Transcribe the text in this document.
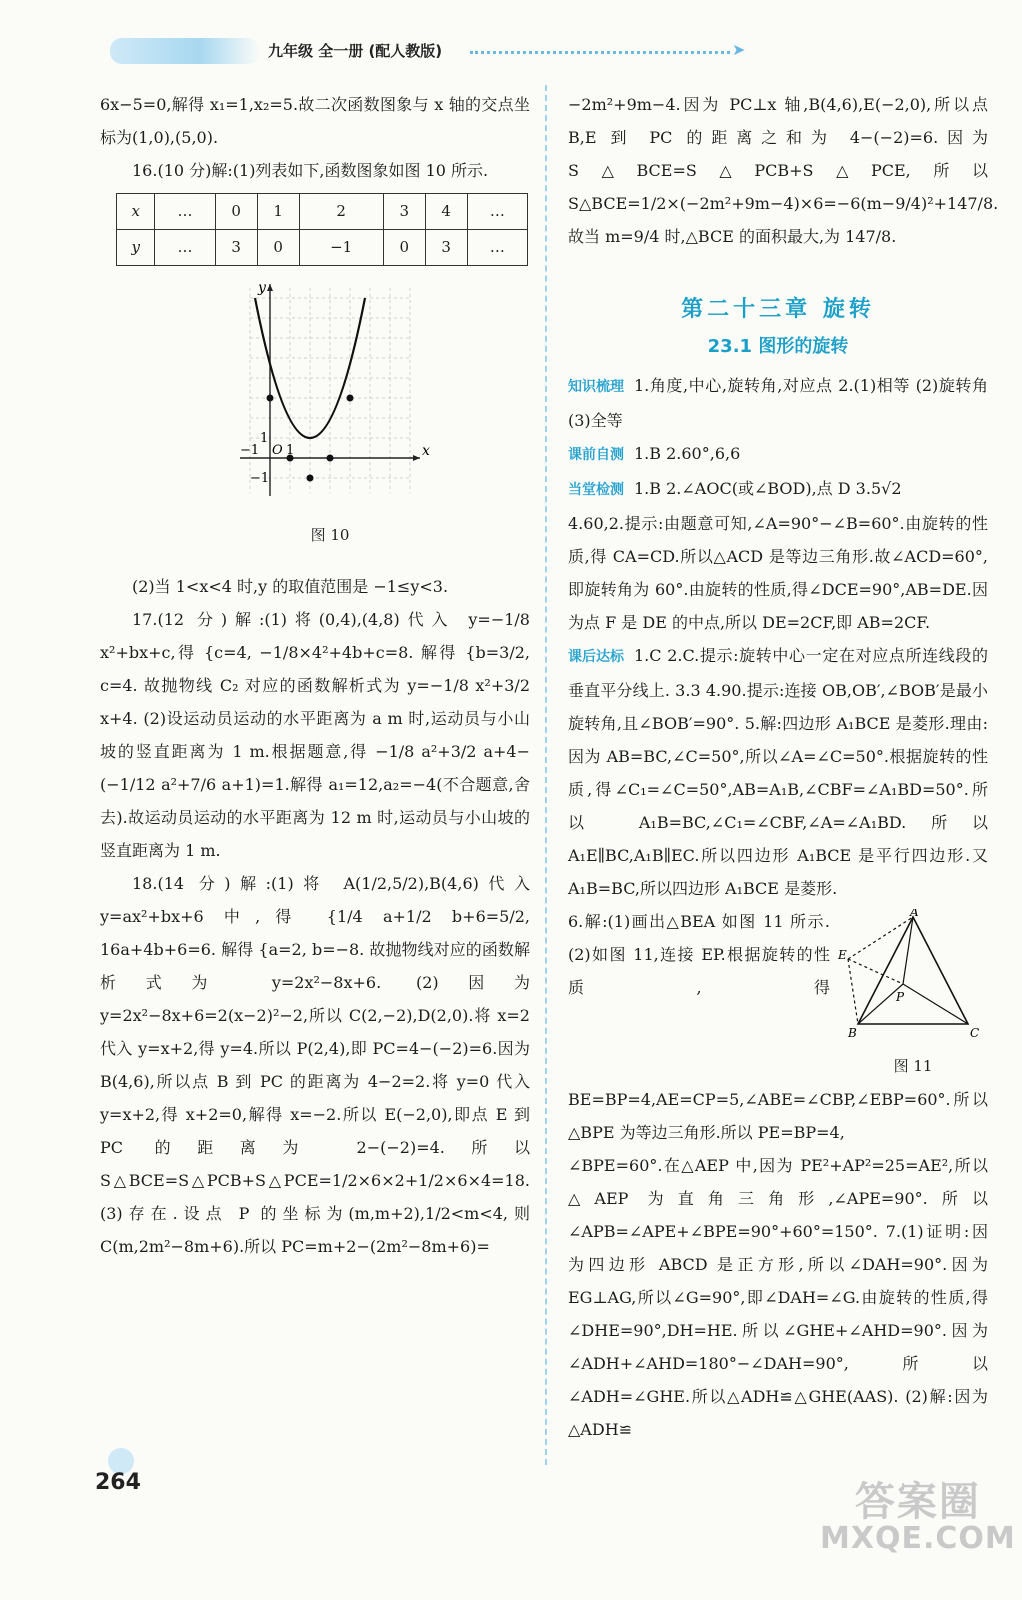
九年级 全一册 (配人教版)	➤

6x−5=0,解得 x₁=1,x₂=5.故二次函数图象与 x 轴的交点坐标为(1,0),(5,0).

16.(10 分)解:(1)列表如下,函数图象如图 10 所示.

x	…	0	1	2	3	4	…
y	…	3	0	−1	0	3	…
x
y
O
−1 1
1
−1
图 10

(2)当 1<x<4 时,y 的取值范围是 −1≤y<3.

17.(12 分)解:(1)将(0,4),(4,8)代入 y=−1/8 x²+bx+c,得 {c=4, −1/8×4²+4b+c=8. 解得 {b=3/2, c=4. 故抛物线 C₂ 对应的函数解析式为 y=−1/8 x²+3/2 x+4. (2)设运动员运动的水平距离为 a m 时,运动员与小山坡的竖直距离为 1 m.根据题意,得 −1/8 a²+3/2 a+4−(−1/12 a²+7/6 a+1)=1.解得 a₁=12,a₂=−4(不合题意,舍去).故运动员运动的水平距离为 12 m 时,运动员与小山坡的竖直距离为 1 m.

18.(14 分)解:(1)将 A(1/2,5/2),B(4,6)代入 y=ax²+bx+6 中,得 {1/4 a+1/2 b+6=5/2, 16a+4b+6=6. 解得 {a=2, b=−8. 故抛物线对应的函数解析式为 y=2x²−8x+6. (2)因为 y=2x²−8x+6=2(x−2)²−2,所以 C(2,−2),D(2,0).将 x=2 代入 y=x+2,得 y=4.所以 P(2,4),即 PC=4−(−2)=6.因为 B(4,6),所以点 B 到 PC 的距离为 4−2=2.将 y=0 代入 y=x+2,得 x+2=0,解得 x=−2.所以 E(−2,0),即点 E 到 PC 的距离为 2−(−2)=4.所以 S△BCE=S△PCB+S△PCE=1/2×6×2+1/2×6×4=18. (3)存在.设点 P 的坐标为(m,m+2),1/2<m<4,则 C(m,2m²−8m+6).所以 PC=m+2−(2m²−8m+6)=

−2m²+9m−4.因为 PC⊥x 轴,B(4,6),E(−2,0),所以点 B,E 到 PC 的距离之和为 4−(−2)=6.因为 S△BCE=S△PCB+S△PCE,所以 S△BCE=1/2×(−2m²+9m−4)×6=−6(m−9/4)²+147/8.故当 m=9/4 时,△BCE 的面积最大,为 147/8.

第二十三章 旋转
23.1 图形的旋转

知识梳理 1.角度,中心,旋转角,对应点 2.(1)相等 (2)旋转角 (3)全等

课前自测 1.B 2.60°,6,6

当堂检测 1.B 2.∠AOC(或∠BOD),点 D 3.5√2

4.60,2.提示:由题意可知,∠A=90°−∠B=60°.由旋转的性质,得 CA=CD.所以△ACD 是等边三角形.故∠ACD=60°,即旋转角为 60°.由旋转的性质,得∠DCE=90°,AB=DE.因为点 F 是 DE 的中点,所以 DE=2CF,即 AB=2CF.

课后达标 1.C 2.C.提示:旋转中心一定在对应点所连线段的垂直平分线上. 3.3 4.90.提示:连接 OB,OB′,∠BOB′是最小旋转角,且∠BOB′=90°. 5.解:四边形 A₁BCE 是菱形.理由:因为 AB=BC,∠C=50°,所以∠A=∠C=50°.根据旋转的性质,得∠C₁=∠C=50°,AB=A₁B,∠CBF=∠A₁BD=50°.所以 A₁B=BC,∠C₁=∠CBF,∠A=∠A₁BD.所以 A₁E∥BC,A₁B∥EC.所以四边形 A₁BCE 是平行四边形.又 A₁B=BC,所以四边形 A₁BCE 是菱形.

A
B	C
E
P
图 11

6.解:(1)画出△BEA 如图 11 所示. (2)如图 11,连接 EP.根据旋转的性质,得 BE=BP=4,AE=CP=5,∠ABE=∠CBP,∠EBP=60°.所以△BPE 为等边三角形.所以 PE=BP=4,

∠BPE=60°.在△AEP 中,因为 PE²+AP²=25=AE²,所以△AEP 为直角三角形,∠APE=90°.所以∠APB=∠APE+∠BPE=90°+60°=150°. 7.(1)证明:因为四边形 ABCD 是正方形,所以∠DAH=90°.因为 EG⊥AG,所以∠G=90°,即∠DAH=∠G.由旋转的性质,得∠DHE=90°,DH=HE.所以∠GHE+∠AHD=90°.因为∠ADH+∠AHD=180°−∠DAH=90°,所以∠ADH=∠GHE.所以△ADH≌△GHE(AAS). (2)解:因为△ADH≌

264	答案圈
MXQE.COM
